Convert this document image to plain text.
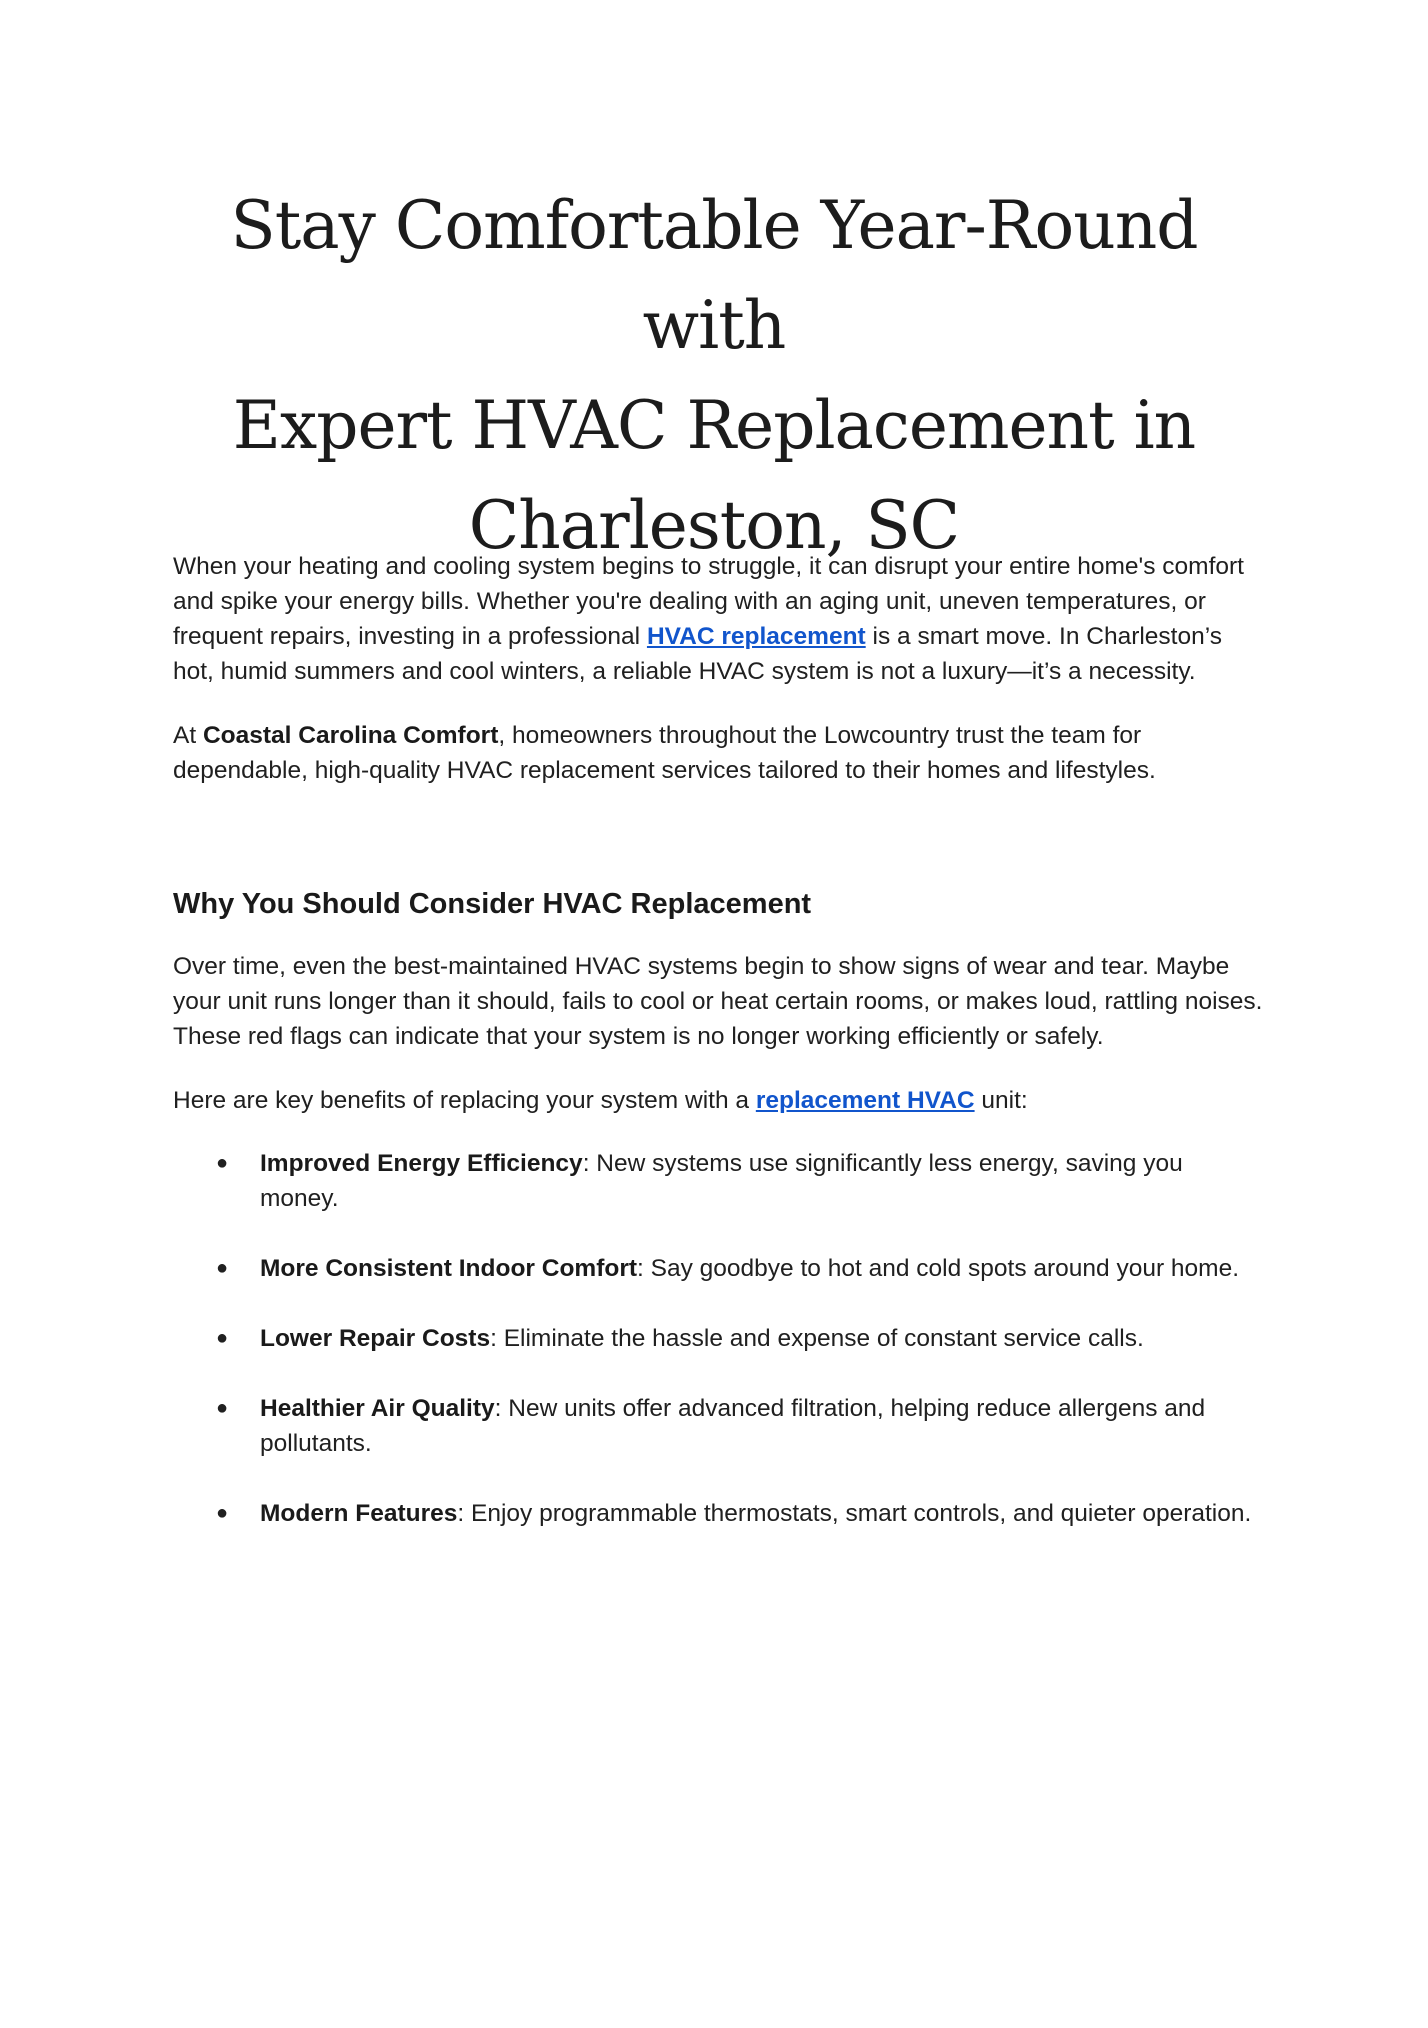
Stay Comfortable Year-Round with
Expert HVAC Replacement in
Charleston, SC

When your heating and cooling system begins to struggle, it can disrupt your entire home's comfort and spike your energy bills. Whether you're dealing with an aging unit, uneven temperatures, or frequent repairs, investing in a professional HVAC replacement is a smart move. In Charleston’s hot, humid summers and cool winters, a reliable HVAC system is not a luxury—it’s a necessity.

At Coastal Carolina Comfort, homeowners throughout the Lowcountry trust the team for dependable, high-quality HVAC replacement services tailored to their homes and lifestyles.

Why You Should Consider HVAC Replacement

Over time, even the best-maintained HVAC systems begin to show signs of wear and tear. Maybe your unit runs longer than it should, fails to cool or heat certain rooms, or makes loud, rattling noises. These red flags can indicate that your system is no longer working efficiently or safely.

Here are key benefits of replacing your system with a replacement HVAC unit:

● Improved Energy Efficiency: New systems use significantly less energy, saving you money.
● More Consistent Indoor Comfort: Say goodbye to hot and cold spots around your home.
● Lower Repair Costs: Eliminate the hassle and expense of constant service calls.
● Healthier Air Quality: New units offer advanced filtration, helping reduce allergens and pollutants.
● Modern Features: Enjoy programmable thermostats, smart controls, and quieter operation.
